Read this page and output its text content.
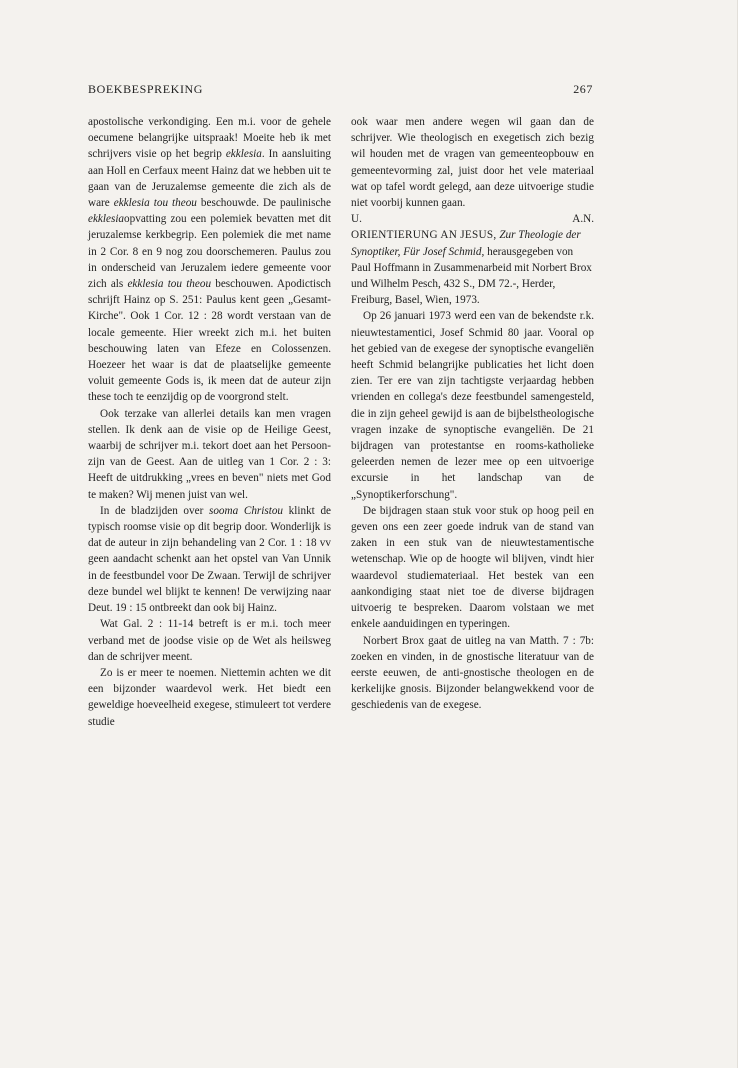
BOEKBESPREKING	267

apostolische verkondiging. Een m.i. voor de gehele oecumene belangrijke uitspraak! Moeite heb ik met schrijvers visie op het begrip ekklesia. In aansluiting aan Holl en Cerfaux meent Hainz dat we hebben uit te gaan van de Jeruzalemse gemeente die zich als de ware ekklesia tou theou beschouwde. De paulinische ekklesiaopvatting zou een polemiek bevatten met dit jeruzalemse kerkbegrip. Een polemiek die met name in 2 Cor. 8 en 9 nog zou doorschemeren. Paulus zou in onderscheid van Jeruzalem iedere gemeente voor zich als ekklesia tou theou beschouwen. Apodictisch schrijft Hainz op S. 251: Paulus kent geen „Gesamt-Kirche". Ook 1 Cor. 12 : 28 wordt verstaan van de locale gemeente. Hier wreekt zich m.i. het buiten beschouwing laten van Efeze en Colossenzen. Hoezeer het waar is dat de plaatselijke gemeente voluit gemeente Gods is, ik meen dat de auteur zijn these toch te eenzijdig op de voorgrond stelt.

Ook terzake van allerlei details kan men vragen stellen. Ik denk aan de visie op de Heilige Geest, waarbij de schrijver m.i. tekort doet aan het Persoon-zijn van de Geest. Aan de uitleg van 1 Cor. 2 : 3: Heeft de uitdrukking „vrees en beven" niets met God te maken? Wij menen juist van wel.

In de bladzijden over sooma Christou klinkt de typisch roomse visie op dit begrip door. Wonderlijk is dat de auteur in zijn behandeling van 2 Cor. 1 : 18 vv geen aandacht schenkt aan het opstel van Van Unnik in de feestbundel voor De Zwaan. Terwijl de schrijver deze bundel wel blijkt te kennen! De verwijzing naar Deut. 19 : 15 ontbreekt dan ook bij Hainz.

Wat Gal. 2 : 11-14 betreft is er m.i. toch meer verband met de joodse visie op de Wet als heilsweg dan de schrijver meent.

Zo is er meer te noemen. Niettemin achten we dit een bijzonder waardevol werk. Het biedt een geweldige hoeveelheid exegese, stimuleert tot verdere studie

ook waar men andere wegen wil gaan dan de schrijver. Wie theologisch en exegetisch zich bezig wil houden met de vragen van gemeenteopbouw en gemeentevorming zal, juist door het vele materiaal wat op tafel wordt gelegd, aan deze uitvoerige studie niet voorbij kunnen gaan.

U.	A.N.

ORIENTIERUNG AN JESUS, Zur Theologie der Synoptiker, Für Josef Schmid, herausgegeben von Paul Hoffmann in Zusammenarbeid mit Norbert Brox und Wilhelm Pesch, 432 S., DM 72.-, Herder, Freiburg, Basel, Wien, 1973.

Op 26 januari 1973 werd een van de bekendste r.k. nieuwtestamentici, Josef Schmid 80 jaar. Vooral op het gebied van de exegese der synoptische evangeliën heeft Schmid belangrijke publicaties het licht doen zien. Ter ere van zijn tachtigste verjaardag hebben vrienden en collega's deze feestbundel samengesteld, die in zijn geheel gewijd is aan de bijbelstheologische vragen inzake de synoptische evangeliën. De 21 bijdragen van protestantse en rooms-katholieke geleerden nemen de lezer mee op een uitvoerige excursie in het landschap van de „Synoptikerforschung".

De bijdragen staan stuk voor stuk op hoog peil en geven ons een zeer goede indruk van de stand van zaken in een stuk van de nieuwtestamentische wetenschap. Wie op de hoogte wil blijven, vindt hier waardevol studiemateriaal. Het bestek van een aankondiging staat niet toe de diverse bijdragen uitvoerig te bespreken. Daarom volstaan we met enkele aanduidingen en typeringen.

Norbert Brox gaat de uitleg na van Matth. 7 : 7b: zoeken en vinden, in de gnostische literatuur van de eerste eeuwen, de anti-gnostische theologen en de kerkelijke gnosis. Bijzonder belangwekkend voor de geschiedenis van de exegese.
